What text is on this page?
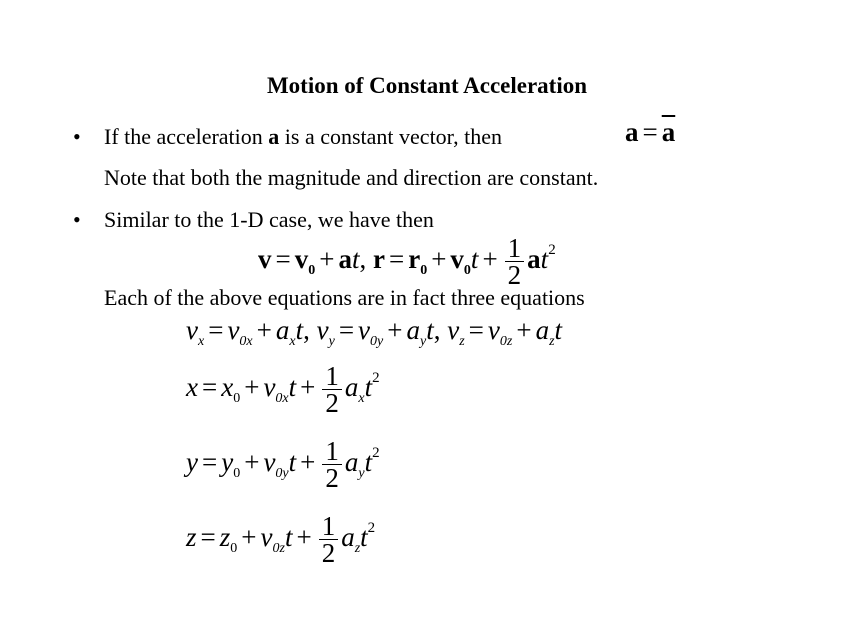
Motion of Constant Acceleration
• If the acceleration a is a constant vector, then	$a = \overline{a}$
Note that both the magnitude and direction are constant.
• Similar to the 1-D case, we have then
$v = v_0$ + at, $r = r_0 + v_0t + \frac{1}{2} at^2$
Each of the above equations are in fact three equations
$v_x = v_{0x} + a_xt$, $v_y = v_{0y} + a_yt$, $v_z = v_{0z} + a_zt$
$x = x_0 + v_{0x}t + \frac{1}{2} a_xt^2$
$y = y_0 + v_{0y}t + \frac{1}{2} a_yt^2$
$z = z_0 + v_{0z}t + \frac{1}{2} a_zt^2$
